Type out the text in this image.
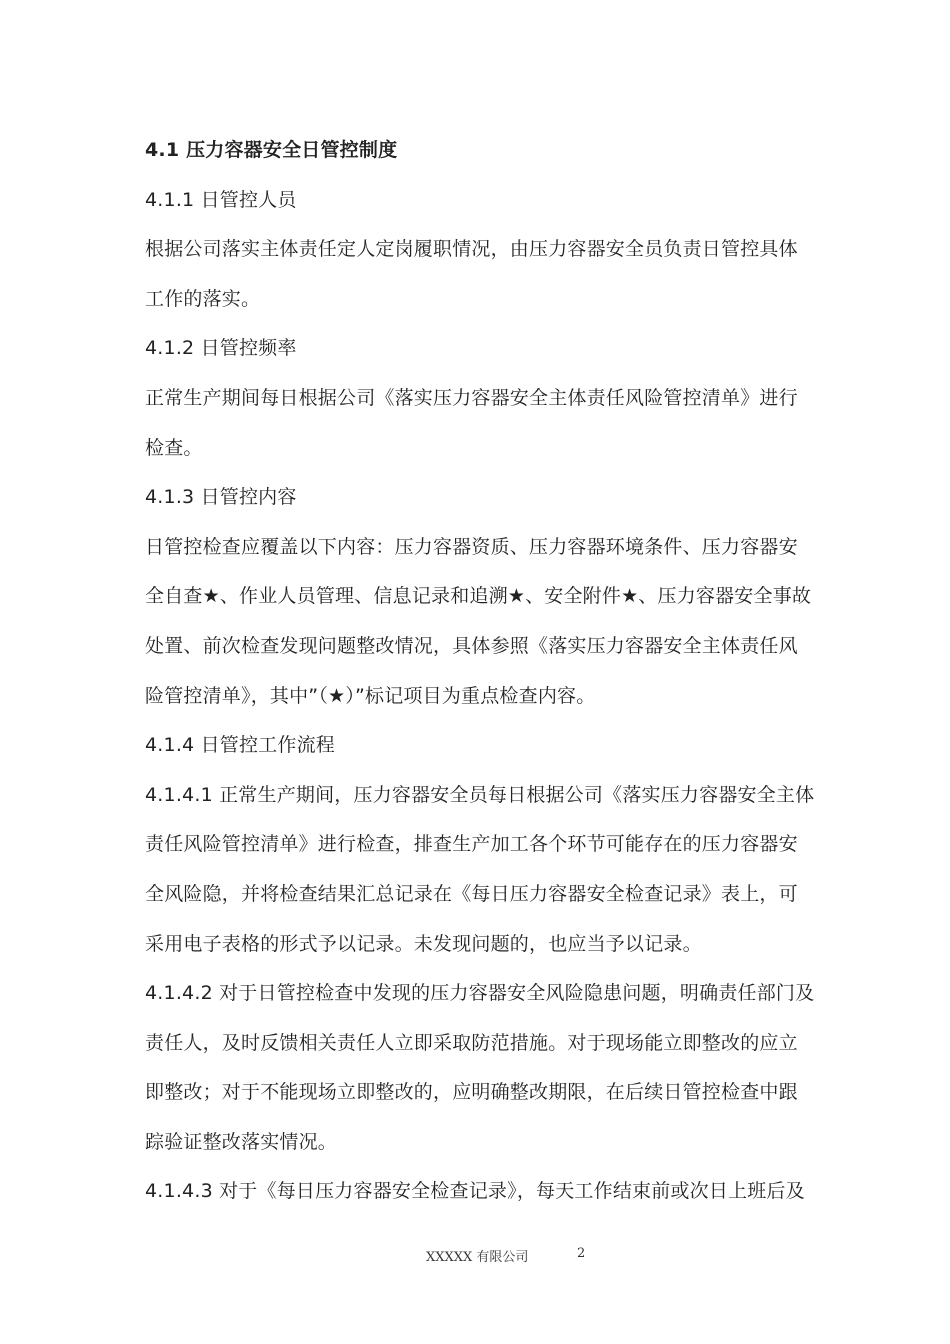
4.1 压力容器安全日管控制度

4.1.1 日管控人员

根据公司落实主体责任定人定岗履职情况，由压力容器安全员负责日管控具体

工作的落实。

4.1.2 日管控频率

正常生产期间每日根据公司《落实压力容器安全主体责任风险管控清单》进行

检查。

4.1.3 日管控内容

日管控检查应覆盖以下内容：压力容器资质、压力容器环境条件、压力容器安

全自查★、作业人员管理、信息记录和追溯★、安全附件★、压力容器安全事故

处置、前次检查发现问题整改情况，具体参照《落实压力容器安全主体责任风

险管控清单》，其中”（★）”标记项目为重点检查内容。

4.1.4 日管控工作流程

4.1.4.1 正常生产期间，压力容器安全员每日根据公司《落实压力容器安全主体

责任风险管控清单》进行检查，排查生产加工各个环节可能存在的压力容器安

全风险隐，并将检查结果汇总记录在《每日压力容器安全检查记录》表上，可

采用电子表格的形式予以记录。未发现问题的，也应当予以记录。

4.1.4.2 对于日管控检查中发现的压力容器安全风险隐患问题，明确责任部门及

责任人，及时反馈相关责任人立即采取防范措施。对于现场能立即整改的应立

即整改；对于不能现场立即整改的，应明确整改期限，在后续日管控检查中跟

踪验证整改落实情况。

4.1.4.3 对于《每日压力容器安全检查记录》，每天工作结束前或次日上班后及

XXXXX 有限公司	2
